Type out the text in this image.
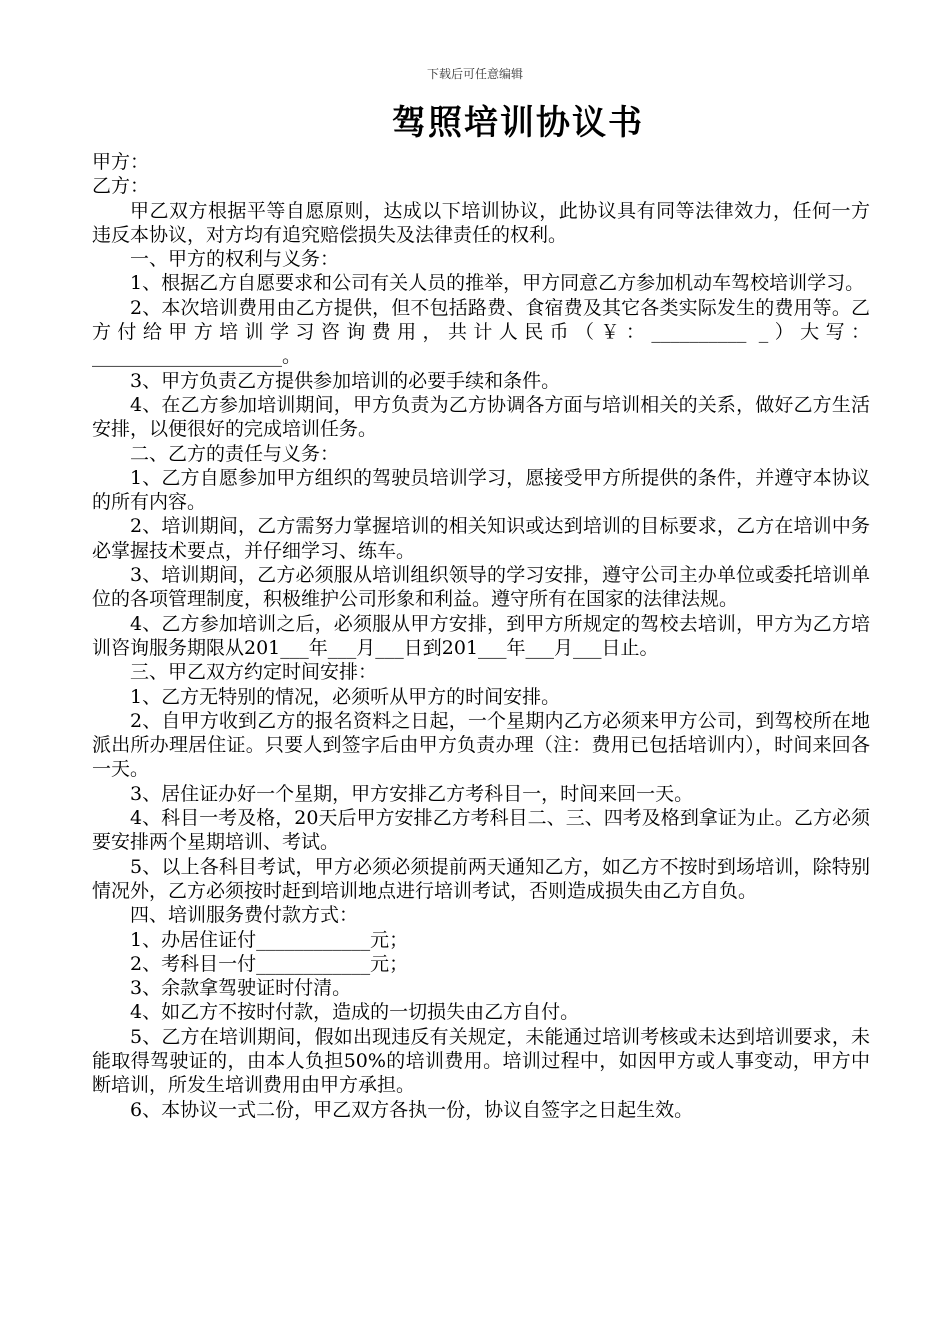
下载后可任意编辑
驾照培训协议书

甲方：

乙方：

甲乙双方根据平等自愿原则，达成以下培训协议，此协议具有同等法律效力，任何一方违反本协议，对方均有追究赔偿损失及法律责任的权利。

一、甲方的权利与义务：

1、根据乙方自愿要求和公司有关人员的推举，甲方同意乙方参加机动车驾校培训学习。

2、本次培训费用由乙方提供，但不包括路费、食宿费及其它各类实际发生的费用等。乙方付给甲方培训学习咨询费用，共计人民币（￥：__________ _）大写：____________________。

3、甲方负责乙方提供参加培训的必要手续和条件。

4、在乙方参加培训期间，甲方负责为乙方协调各方面与培训相关的关系，做好乙方生活安排，以便很好的完成培训任务。

二、乙方的责任与义务：

1、乙方自愿参加甲方组织的驾驶员培训学习，愿接受甲方所提供的条件，并遵守本协议的所有内容。

2、培训期间，乙方需努力掌握培训的相关知识或达到培训的目标要求，乙方在培训中务必掌握技术要点，并仔细学习、练车。

3、培训期间，乙方必须服从培训组织领导的学习安排，遵守公司主办单位或委托培训单位的各项管理制度，积极维护公司形象和利益。遵守所有在国家的法律法规。

4、乙方参加培训之后，必须服从甲方安排，到甲方所规定的驾校去培训，甲方为乙方培训咨询服务期限从201___年___月___日到201___年___月___日止。

三、甲乙双方约定时间安排：

1、乙方无特别的情况，必须听从甲方的时间安排。

2、自甲方收到乙方的报名资料之日起，一个星期内乙方必须来甲方公司，到驾校所在地派出所办理居住证。只要人到签字后由甲方负责办理（注：费用已包括培训内），时间来回各一天。

3、居住证办好一个星期，甲方安排乙方考科目一，时间来回一天。

4、科目一考及格，20天后甲方安排乙方考科目二、三、四考及格到拿证为止。乙方必须要安排两个星期培训、考试。

5、以上各科目考试，甲方必须必须提前两天通知乙方，如乙方不按时到场培训，除特别情况外，乙方必须按时赶到培训地点进行培训考试，否则造成损失由乙方自负。

四、培训服务费付款方式：

1、办居住证付____________元；

2、考科目一付____________元；

3、余款拿驾驶证时付清。

4、如乙方不按时付款，造成的一切损失由乙方自付。

5、乙方在培训期间，假如出现违反有关规定，未能通过培训考核或未达到培训要求，未能取得驾驶证的，由本人负担50%的培训费用。培训过程中，如因甲方或人事变动，甲方中断培训，所发生培训费用由甲方承担。

6、本协议一式二份，甲乙双方各执一份，协议自签字之日起生效。
